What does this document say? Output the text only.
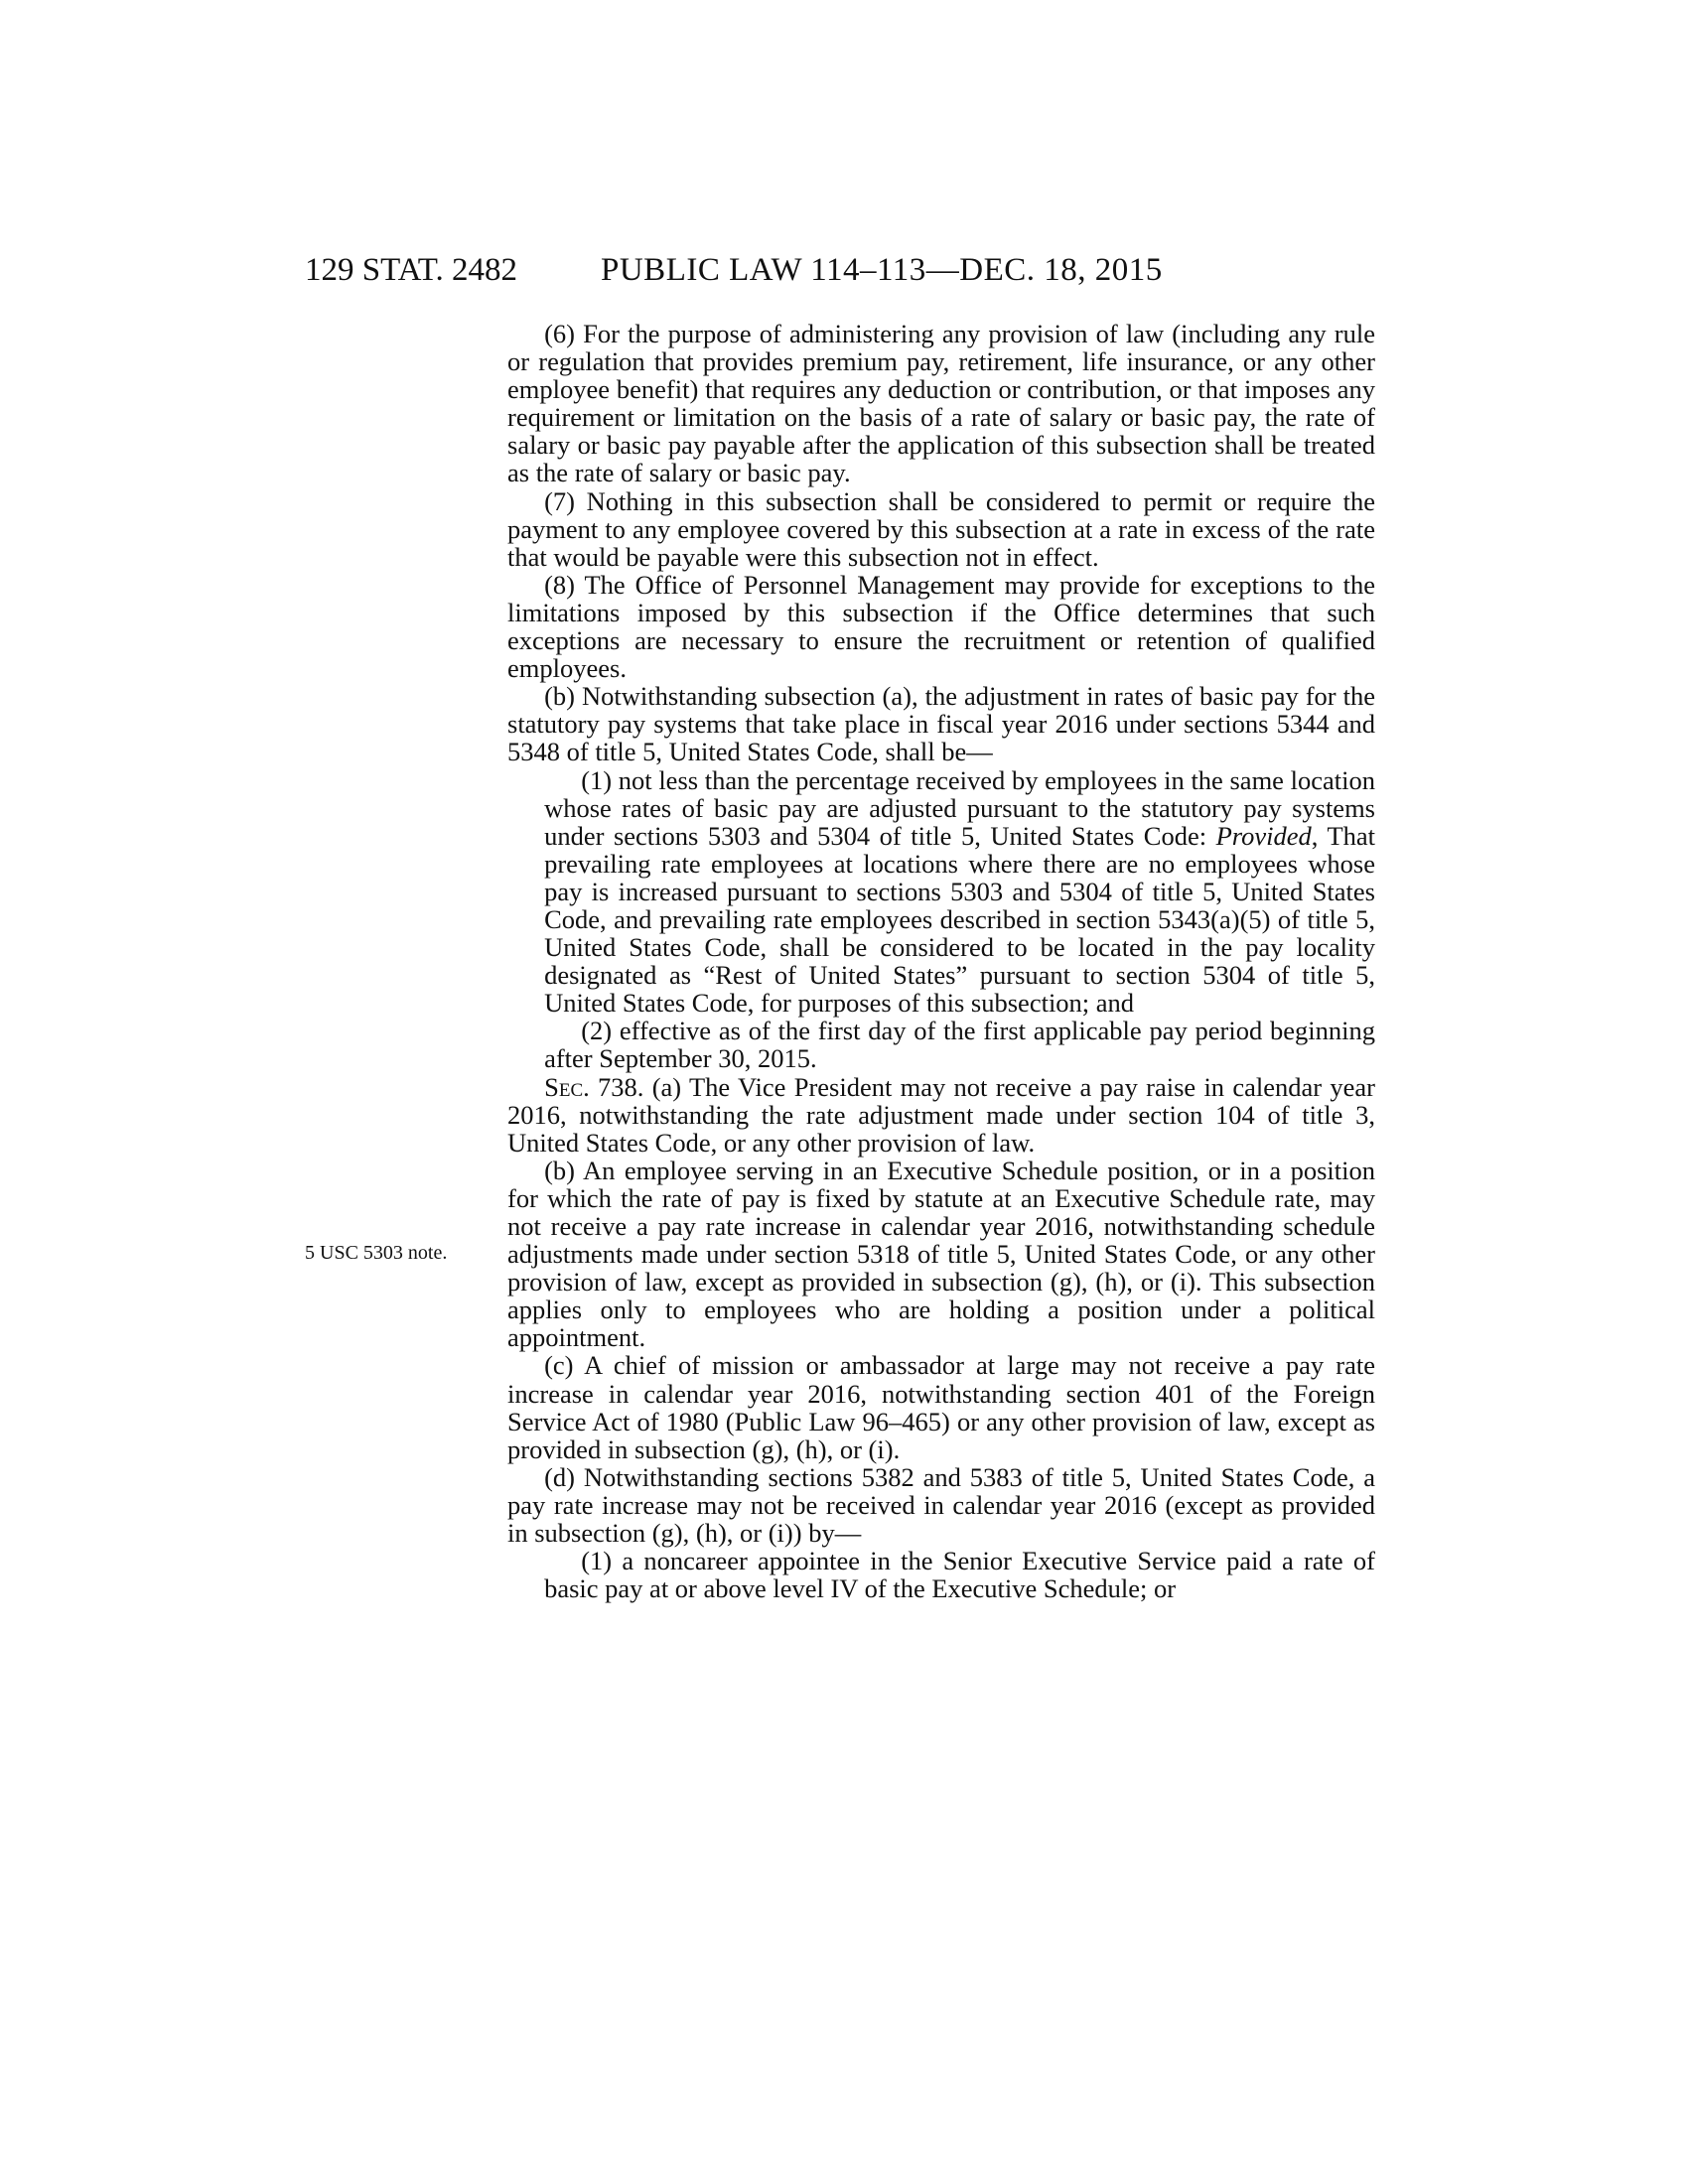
129 STAT. 2482	PUBLIC LAW 114–113—DEC. 18, 2015
5 USC 5303 note.

(6) For the purpose of administering any provision of law (including any rule or regulation that provides premium pay, retirement, life insurance, or any other employee benefit) that requires any deduction or contribution, or that imposes any requirement or limitation on the basis of a rate of salary or basic pay, the rate of salary or basic pay payable after the application of this subsection shall be treated as the rate of salary or basic pay.

(7) Nothing in this subsection shall be considered to permit or require the payment to any employee covered by this subsection at a rate in excess of the rate that would be payable were this subsection not in effect.

(8) The Office of Personnel Management may provide for exceptions to the limitations imposed by this subsection if the Office determines that such exceptions are necessary to ensure the recruitment or retention of qualified employees.

(b) Notwithstanding subsection (a), the adjustment in rates of basic pay for the statutory pay systems that take place in fiscal year 2016 under sections 5344 and 5348 of title 5, United States Code, shall be—

(1) not less than the percentage received by employees in the same location whose rates of basic pay are adjusted pursuant to the statutory pay systems under sections 5303 and 5304 of title 5, United States Code: Provided, That prevailing rate employees at locations where there are no employees whose pay is increased pursuant to sections 5303 and 5304 of title 5, United States Code, and prevailing rate employees described in section 5343(a)(5) of title 5, United States Code, shall be considered to be located in the pay locality designated as “Rest of United States” pursuant to section 5304 of title 5, United States Code, for purposes of this subsection; and

(2) effective as of the first day of the first applicable pay period beginning after September 30, 2015.

Sec. 738. (a) The Vice President may not receive a pay raise in calendar year 2016, notwithstanding the rate adjustment made under section 104 of title 3, United States Code, or any other provision of law.

(b) An employee serving in an Executive Schedule position, or in a position for which the rate of pay is fixed by statute at an Executive Schedule rate, may not receive a pay rate increase in calendar year 2016, notwithstanding schedule adjustments made under section 5318 of title 5, United States Code, or any other provision of law, except as provided in subsection (g), (h), or (i). This subsection applies only to employees who are holding a position under a political appointment.

(c) A chief of mission or ambassador at large may not receive a pay rate increase in calendar year 2016, notwithstanding section 401 of the Foreign Service Act of 1980 (Public Law 96–465) or any other provision of law, except as provided in subsection (g), (h), or (i).

(d) Notwithstanding sections 5382 and 5383 of title 5, United States Code, a pay rate increase may not be received in calendar year 2016 (except as provided in subsection (g), (h), or (i)) by—

(1) a noncareer appointee in the Senior Executive Service paid a rate of basic pay at or above level IV of the Executive Schedule; or
